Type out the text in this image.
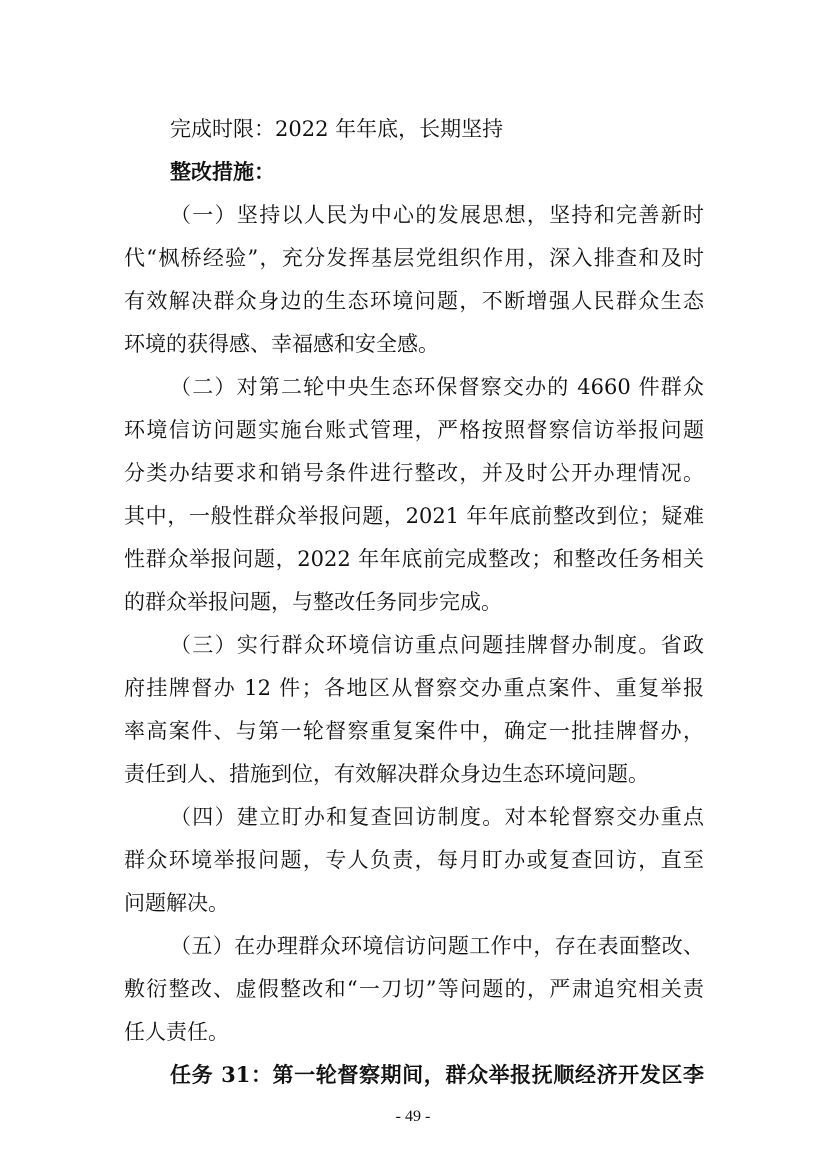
完成时限：2022 年年底，长期坚持
整改措施：
（一）坚持以人民为中心的发展思想，坚持和完善新时
代“枫桥经验”，充分发挥基层党组织作用，深入排查和及时
有效解决群众身边的生态环境问题，不断增强人民群众生态
环境的获得感、幸福感和安全感。
（二）对第二轮中央生态环保督察交办的 4660 件群众
环境信访问题实施台账式管理，严格按照督察信访举报问题
分类办结要求和销号条件进行整改，并及时公开办理情况。
其中，一般性群众举报问题，2021 年年底前整改到位；疑难
性群众举报问题，2022 年年底前完成整改；和整改任务相关
的群众举报问题，与整改任务同步完成。
（三）实行群众环境信访重点问题挂牌督办制度。省政
府挂牌督办 12 件；各地区从督察交办重点案件、重复举报
率高案件、与第一轮督察重复案件中，确定一批挂牌督办，
责任到人、措施到位，有效解决群众身边生态环境问题。
（四）建立盯办和复查回访制度。对本轮督察交办重点
群众环境举报问题，专人负责，每月盯办或复查回访，直至
问题解决。
（五）在办理群众环境信访问题工作中，存在表面整改、
敷衍整改、虚假整改和“一刀切”等问题的，严肃追究相关责
任人责任。
任务 31：第一轮督察期间，群众举报抚顺经济开发区李
- 49 -
